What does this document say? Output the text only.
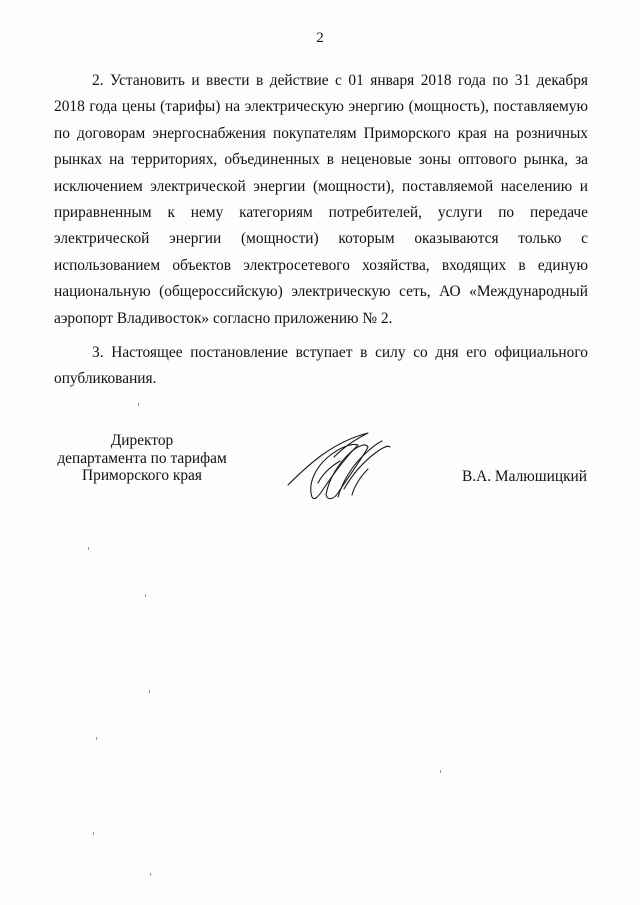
2

2. Установить и ввести в действие с 01 января 2018 года по 31 декабря 2018 года цены (тарифы) на электрическую энергию (мощность), поставляемую по договорам энергоснабжения покупателям Приморского края на розничных рынках на территориях, объединенных в неценовые зоны оптового рынка, за исключением электрической энергии (мощности), поставляемой населению и приравненным к нему категориям потребителей, услуги по передаче электрической энергии (мощности) которым оказываются только с использованием объектов электросетевого хозяйства, входящих в единую национальную (общероссийскую) электрическую сеть, АО «Международный аэропорт Владивосток» согласно приложению № 2.

3. Настоящее постановление вступает в силу со дня его официального опубликования.

Директор
департамента по тарифам
Приморского края	В.А. Малюшицкий
